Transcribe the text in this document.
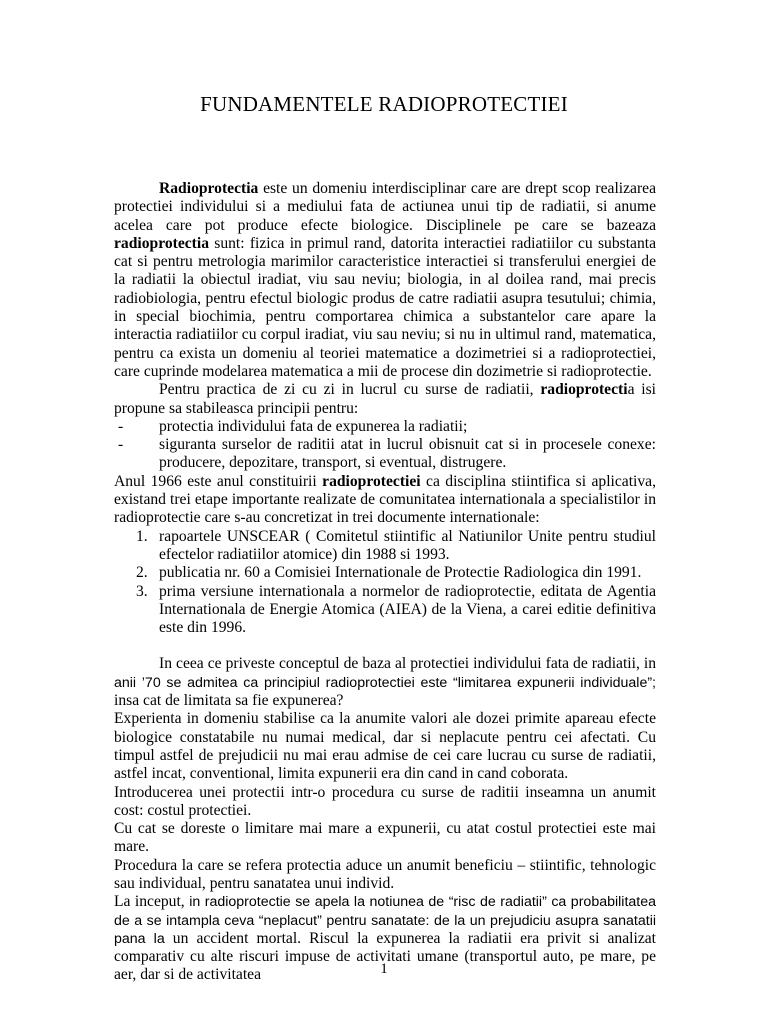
FUNDAMENTELE RADIOPROTECTIEI

Radioprotectia este un domeniu interdisciplinar care are drept scop realizarea protectiei individului si a mediului fata de actiunea unui tip de radiatii, si anume acelea care pot produce efecte biologice. Disciplinele pe care se bazeaza radioprotectia sunt: fizica in primul rand, datorita interactiei radiatiilor cu substanta cat si pentru metrologia marimilor caracteristice interactiei si transferului energiei de la radiatii la obiectul iradiat, viu sau neviu; biologia, in al doilea rand, mai precis radiobiologia, pentru efectul biologic produs de catre radiatii asupra tesutului; chimia, in special biochimia, pentru comportarea chimica a substantelor care apare la interactia radiatiilor cu corpul iradiat, viu sau neviu; si nu in ultimul rand, matematica, pentru ca exista un domeniu al teoriei matematice a dozimetriei si a radioprotectiei, care cuprinde modelarea matematica a mii de procese din dozimetrie si radioprotectie.

Pentru practica de zi cu zi in lucrul cu surse de radiatii, radioprotectia isi propune sa stabileasca principii pentru:

- protectia individului fata de expunerea la radiatii;
- siguranta surselor de raditii atat in lucrul obisnuit cat si in procesele conexe: producere, depozitare, transport, si eventual, distrugere.

Anul 1966 este anul constituirii radioprotectiei ca disciplina stiintifica si aplicativa, existand trei etape importante realizate de comunitatea internationala a specialistilor in radioprotectie care s-au concretizat in trei documente internationale:

1. rapoartele UNSCEAR ( Comitetul stiintific al Natiunilor Unite pentru studiul efectelor radiatiilor atomice) din 1988 si 1993.
2. publicatia nr. 60 a Comisiei Internationale de Protectie Radiologica din 1991.
3. prima versiune internationala a normelor de radioprotectie, editata de Agentia Internationala de Energie Atomica (AIEA) de la Viena, a carei editie definitiva este din 1996.

In ceea ce priveste conceptul de baza al protectiei individului fata de radiatii, in anii ’70 se admitea ca principiul radioprotectiei este “limitarea expunerii individuale”; insa cat de limitata sa fie expunerea?

Experienta in domeniu stabilise ca la anumite valori ale dozei primite apareau efecte biologice constatabile nu numai medical, dar si neplacute pentru cei afectati. Cu timpul astfel de prejudicii nu mai erau admise de cei care lucrau cu surse de radiatii, astfel incat, conventional, limita expunerii era din cand in cand coborata.

Introducerea unei protectii intr-o procedura cu surse de raditii inseamna un anumit cost: costul protectiei.

Cu cat se doreste o limitare mai mare a expunerii, cu atat costul protectiei este mai mare.

Procedura la care se refera protectia aduce un anumit beneficiu – stiintific, tehnologic sau individual, pentru sanatatea unui individ.

La inceput, in radioprotectie se apela la notiunea de “risc de radiatii” ca probabilitatea de a se intampla ceva “neplacut” pentru sanatate: de la un prejudiciu asupra sanatatii pana la un accident mortal. Riscul la expunerea la radiatii era privit si analizat comparativ cu alte riscuri impuse de activitati umane (transportul auto, pe mare, pe aer, dar si de activitatea	1
